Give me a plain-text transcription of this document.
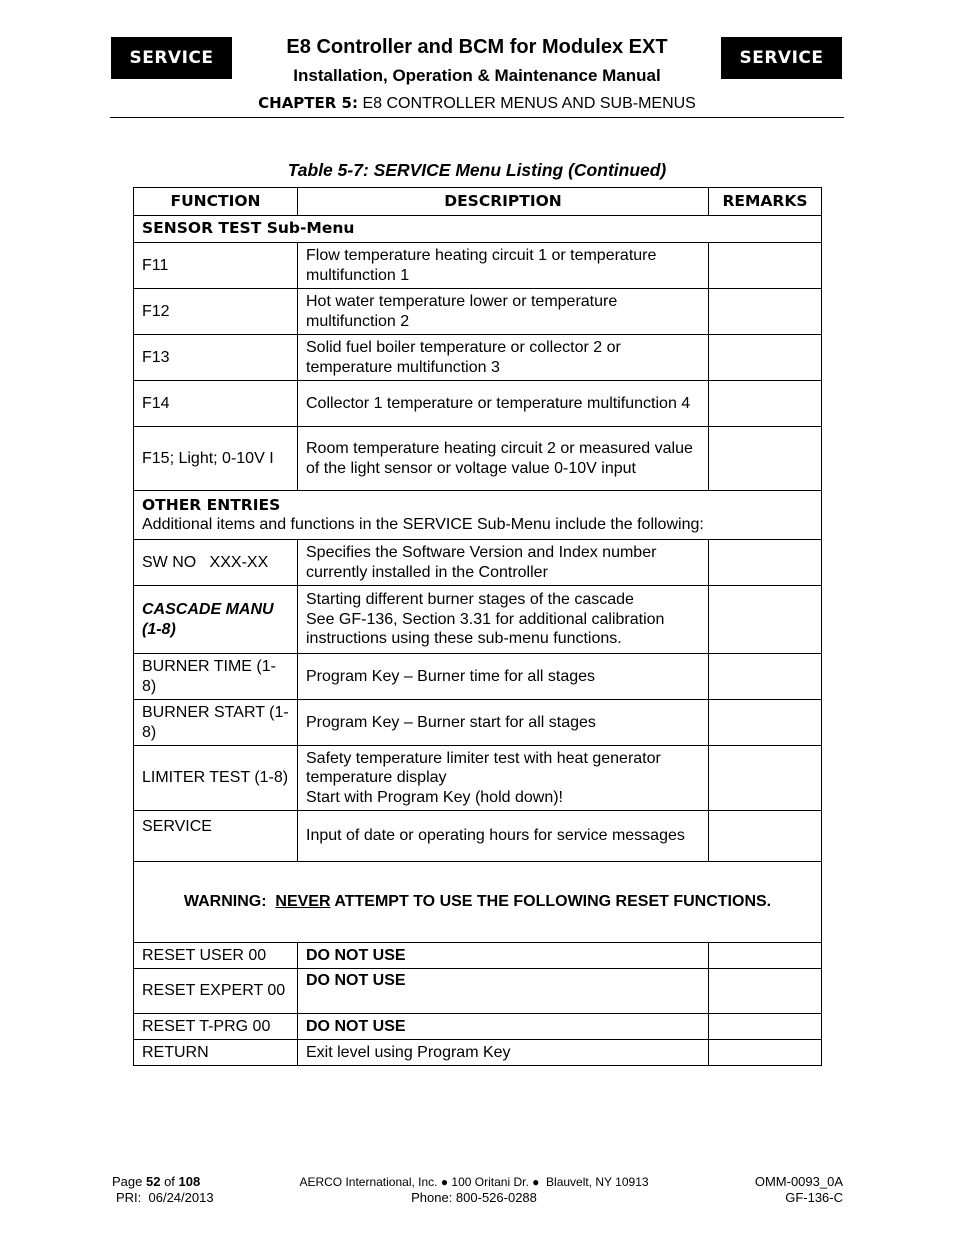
SERVICE	SERVICE
E8 Controller and BCM for Modulex EXT
Installation, Operation & Maintenance Manual
CHAPTER 5: E8 CONTROLLER MENUS AND SUB-MENUS
Table 5-7: SERVICE Menu Listing (Continued)
FUNCTION	DESCRIPTION	REMARKS
SENSOR TEST Sub-Menu		
F11	Flow temperature heating circuit 1 or temperature multifunction 1	
F12	Hot water temperature lower or temperature multifunction 2	
F13	Solid fuel boiler temperature or collector 2 or temperature multifunction 3	
F14	Collector 1 temperature or temperature multifunction 4	
F15; Light; 0-10V I	Room temperature heating circuit 2 or measured value of the light sensor or voltage value 0-10V input	

OTHER ENTRIES
Additional items and functions in the SERVICE Sub-Menu include the following:		

SW NO   XXX-XX	Specifies the Software Version and Index number currently installed in the Controller	
CASCADE MANU (1-8)	Starting different burner stages of the cascade
See GF-136, Section 3.31 for additional calibration instructions using these sub-menu functions.	

BURNER TIME (1-8)	Program Key – Burner time for all stages	
BURNER START (1-8)	Program Key – Burner start for all stages	
LIMITER TEST (1-8)	Safety temperature limiter test with heat generator temperature display
Start with Program Key (hold down)!	

SERVICE	Input of date or operating hours for service messages	
WARNING:  NEVER ATTEMPT TO USE THE FOLLOWING RESET FUNCTIONS.		
RESET USER 00	DO NOT USE	
RESET EXPERT 00	DO NOT USE	
RESET T-PRG 00	DO NOT USE	
RETURN	Exit level using Program Key	
Page 52 of 108
PRI:  06/24/2013
AERCO International, Inc. ● 100 Oritani Dr. ●  Blauvelt, NY 10913
Phone: 800-526-0288
OMM-0093_0A
GF-136-C
